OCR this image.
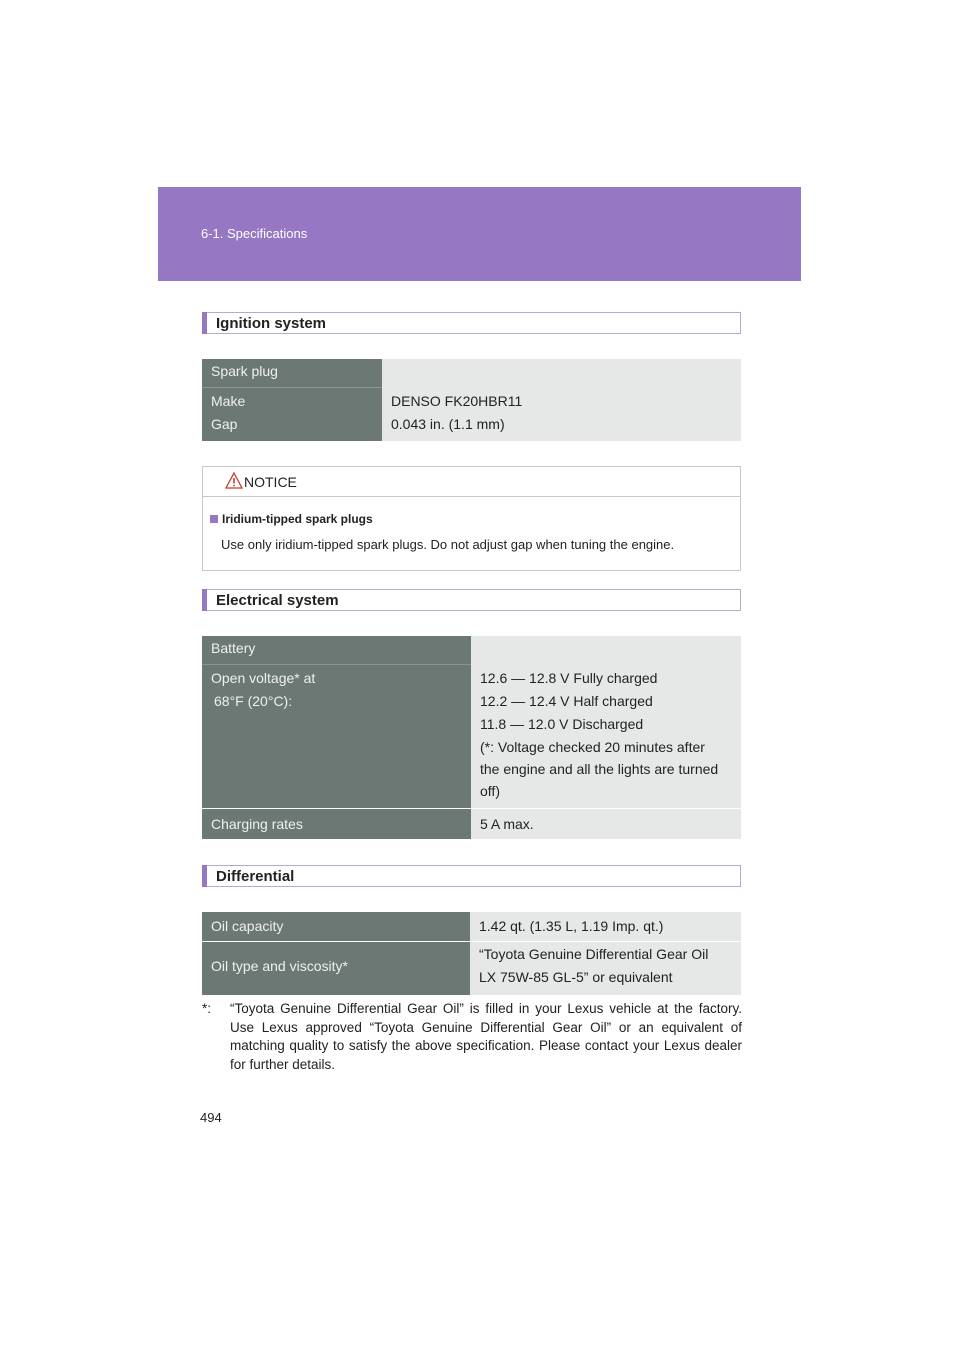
6-1. Specifications
Ignition system
Spark plug
Make
Gap
DENSO FK20HBR11
0.043 in. (1.1 mm)
NOTICE
Iridium-tipped spark plugs
Use only iridium-tipped spark plugs. Do not adjust gap when tuning the engine.
Electrical system
Battery
Open voltage* at
68°F (20°C):
12.6 — 12.8 V Fully charged
12.2 — 12.4 V Half charged
11.8 — 12.0 V Discharged
(*: Voltage checked 20 minutes after
the engine and all the lights are turned
off)
Charging rates	5 A max.
Differential
Oil capacity	1.42 qt. (1.35 L, 1.19 Imp. qt.)
Oil type and viscosity*
“Toyota Genuine Differential Gear Oil
LX 75W-85 GL-5” or equivalent
*: “Toyota Genuine Differential Gear Oil” is filled in your Lexus vehicle at the factory. Use Lexus approved “Toyota Genuine Differential Gear Oil” or an equivalent of matching quality to satisfy the above specification. Please contact your Lexus dealer for further details.
494
